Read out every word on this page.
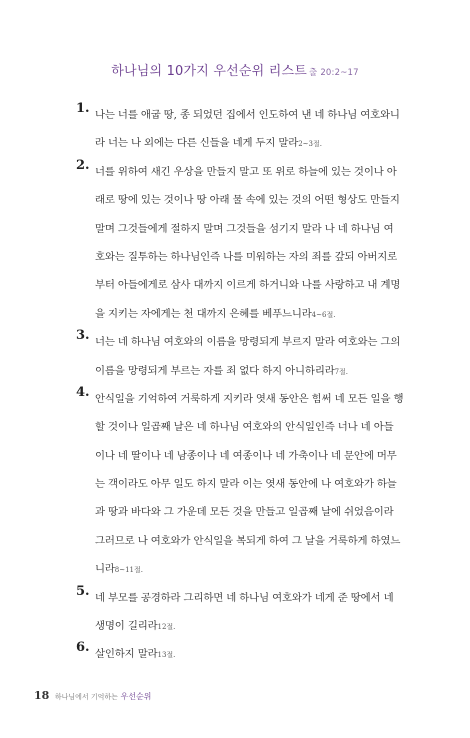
하나님의 10가지 우선순위 리스트 출 20:2~17
1. 나는 너를 애굽 땅, 종 되었던 집에서 인도하여 낸 네 하나님 여호와니
라 너는 나 외에는 다른 신들을 네게 두지 말라2~3절.
2. 너를 위하여 새긴 우상을 만들지 말고 또 위로 하늘에 있는 것이나 아
래로 땅에 있는 것이나 땅 아래 물 속에 있는 것의 어떤 형상도 만들지
말며 그것들에게 절하지 말며 그것들을 섬기지 말라 나 네 하나님 여
호와는 질투하는 하나님인즉 나를 미워하는 자의 죄를 갚되 아버지로
부터 아들에게로 삼사 대까지 이르게 하거니와 나를 사랑하고 내 계명
을 지키는 자에게는 천 대까지 은혜를 베푸느니라4~6절.
3. 너는 네 하나님 여호와의 이름을 망령되게 부르지 말라 여호와는 그의
이름을 망령되게 부르는 자를 죄 없다 하지 아니하리라7절.
4. 안식일을 기억하여 거룩하게 지키라 엿새 동안은 힘써 네 모든 일을 행
할 것이나 일곱째 날은 네 하나님 여호와의 안식일인즉 너나 네 아들
이나 네 딸이나 네 남종이나 네 여종이나 네 가축이나 네 문안에 머무
는 객이라도 아무 일도 하지 말라 이는 엿새 동안에 나 여호와가 하늘
과 땅과 바다와 그 가운데 모든 것을 만들고 일곱째 날에 쉬었음이라
그러므로 나 여호와가 안식일을 복되게 하여 그 날을 거룩하게 하였느
니라8~11절.
5. 네 부모를 공경하라 그리하면 네 하나님 여호와가 네게 준 땅에서 네
생명이 길리라12절.
6. 살인하지 말라13절.
18 하나님에서 기억하는 우선순위
